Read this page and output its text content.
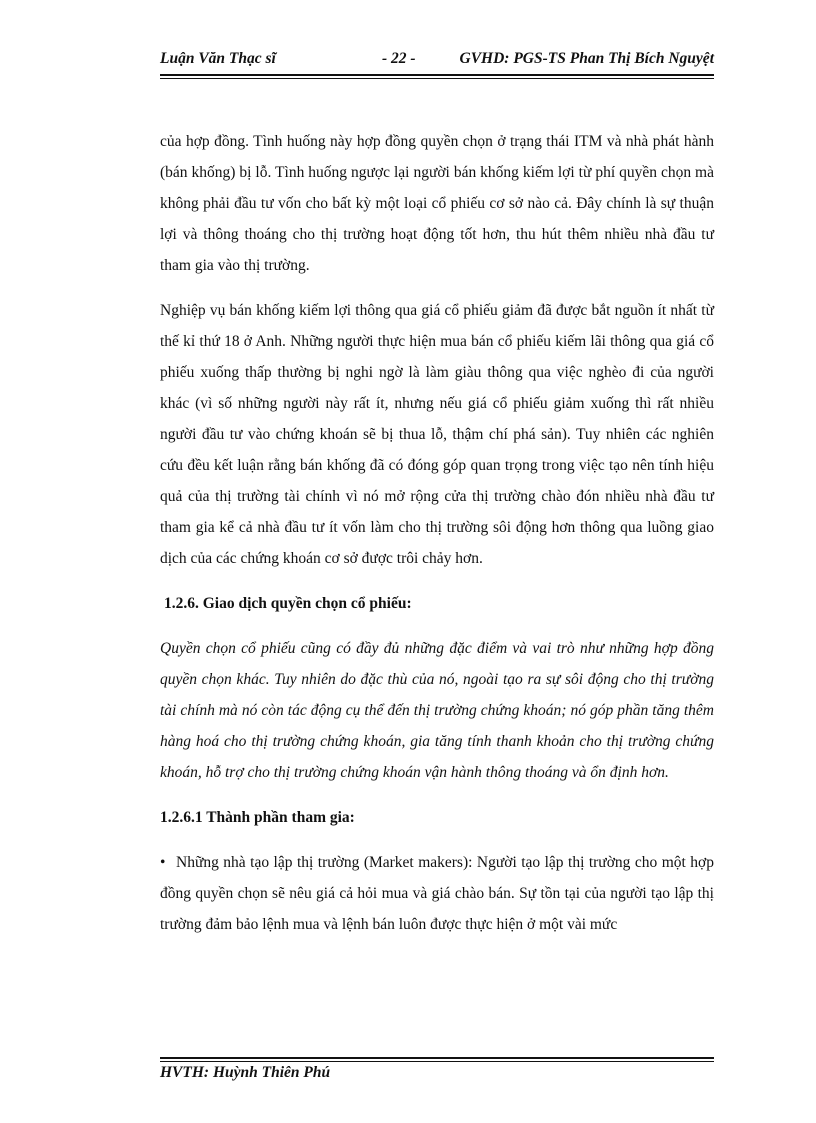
Luận Văn Thạc sĩ	- 22 -	GVHD: PGS-TS Phan Thị Bích Nguyệt

của hợp đồng. Tình huống này hợp đồng quyền chọn ở trạng thái ITM và nhà phát hành (bán khống) bị lỗ. Tình huống ngược lại người bán khống kiếm lợi từ phí quyền chọn mà không phải đầu tư vốn cho bất kỳ một loại cổ phiếu cơ sở nào cả. Đây chính là sự thuận lợi và thông thoáng cho thị trường hoạt động tốt hơn, thu hút thêm nhiều nhà đầu tư tham gia vào thị trường.

Nghiệp vụ bán khống kiếm lợi thông qua giá cổ phiếu giảm đã được bắt nguồn ít nhất từ thế kỉ thứ 18 ở Anh. Những người thực hiện mua bán cổ phiếu kiếm lãi thông qua giá cổ phiếu xuống thấp thường bị nghi ngờ là làm giàu thông qua việc nghèo đi của người khác (vì số những người này rất ít, nhưng nếu giá cổ phiếu giảm xuống thì rất nhiều người đầu tư vào chứng khoán sẽ bị thua lỗ, thậm chí phá sản). Tuy nhiên các nghiên cứu đều kết luận rằng bán khống đã có đóng góp quan trọng trong việc tạo nên tính hiệu quả của thị trường tài chính vì nó mở rộng cửa thị trường chào đón nhiều nhà đầu tư tham gia kể cả nhà đầu tư ít vốn làm cho thị trường sôi động hơn thông qua luồng giao dịch của các chứng khoán cơ sở được trôi chảy hơn.

1.2.6. Giao dịch quyền chọn cổ phiếu:

Quyền chọn cổ phiếu cũng có đầy đủ những đặc điểm và vai trò như những hợp đồng quyền chọn khác. Tuy nhiên do đặc thù của nó, ngoài tạo ra sự sôi động cho thị trường tài chính mà nó còn tác động cụ thể đến thị trường chứng khoán; nó góp phần tăng thêm hàng hoá cho thị trường chứng khoán, gia tăng tính thanh khoản cho thị trường chứng khoán, hỗ trợ cho thị trường chứng khoán vận hành thông thoáng và ổn định hơn.

1.2.6.1 Thành phần tham gia:

• Những nhà tạo lập thị trường (Market makers): Người tạo lập thị trường cho một hợp đồng quyền chọn sẽ nêu giá cả hỏi mua và giá chào bán. Sự tồn tại của người tạo lập thị trường đảm bảo lệnh mua và lệnh bán luôn được thực hiện ở một vài mức

HVTH: Huỳnh Thiên Phú
